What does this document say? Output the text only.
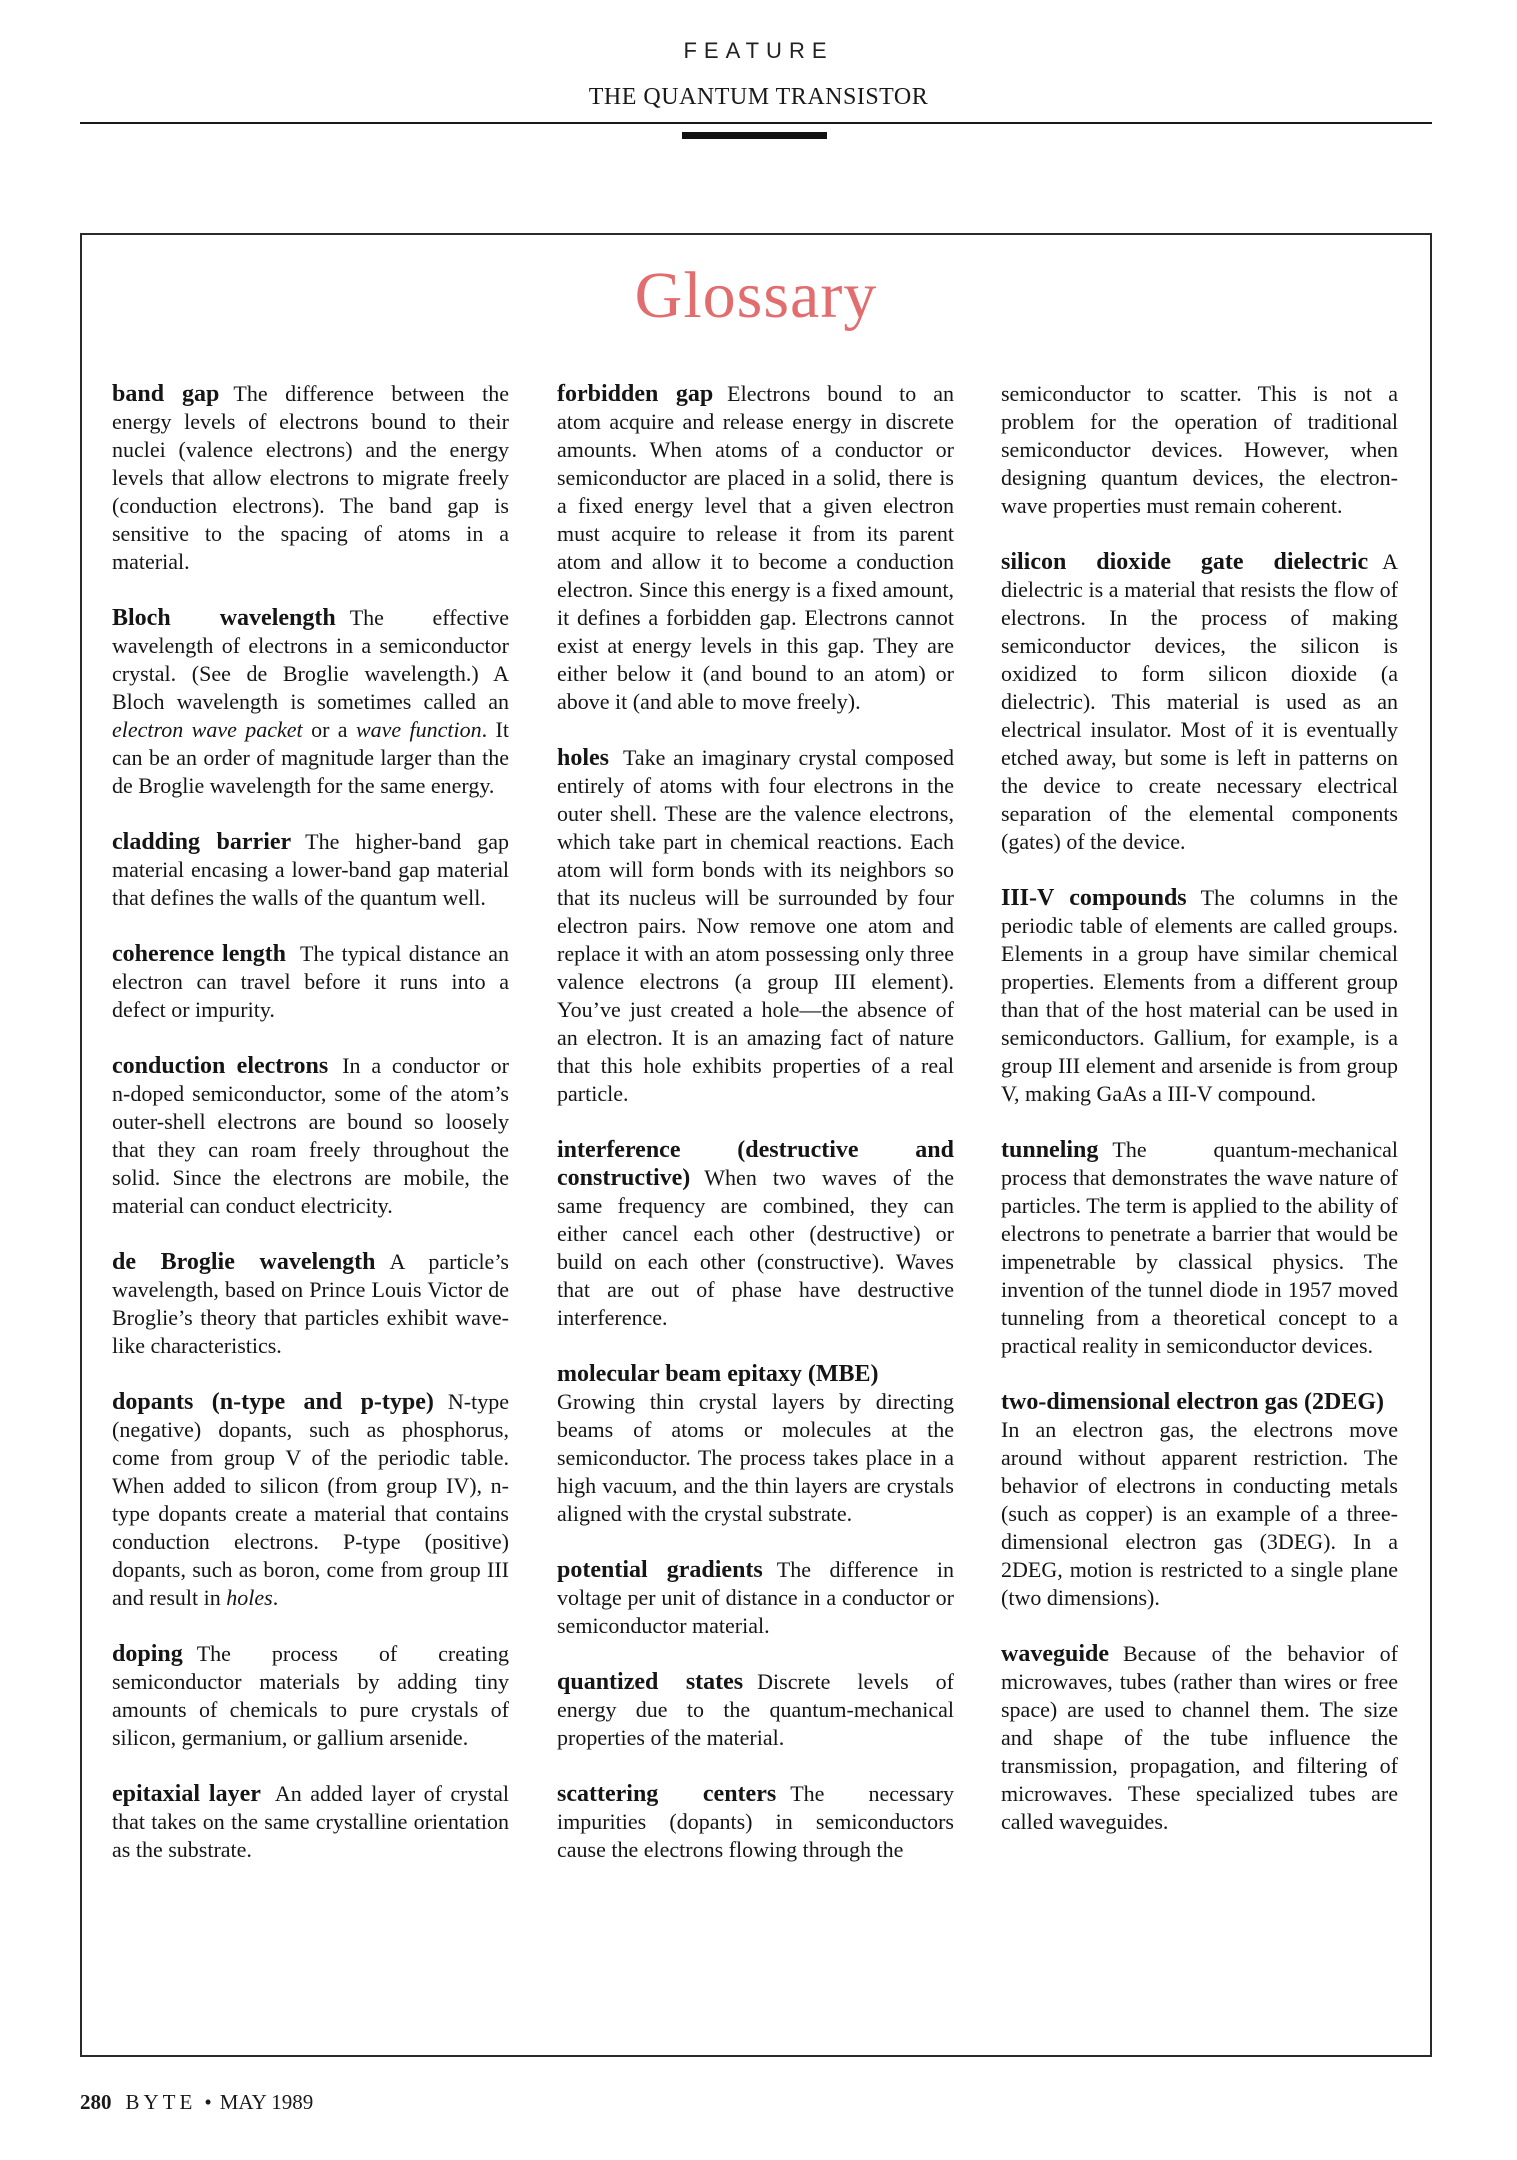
FEATURE
THE QUANTUM TRANSISTOR
Glossary

band gap The difference between the energy levels of electrons bound to their nuclei (valence electrons) and the energy levels that allow electrons to migrate freely (conduction electrons). The band gap is sensitive to the spacing of atoms in a material.

Bloch wavelength The effective wavelength of electrons in a semiconductor crystal. (See de Broglie wavelength.) A Bloch wavelength is sometimes called an electron wave packet or a wave function. It can be an order of magnitude larger than the de Broglie wavelength for the same energy.

cladding barrier The higher-band gap material encasing a lower-band gap material that defines the walls of the quantum well.

coherence length The typical distance an electron can travel before it runs into a defect or impurity.

conduction electrons In a conductor or n-doped semiconductor, some of the atom’s outer-shell electrons are bound so loosely that they can roam freely throughout the solid. Since the electrons are mobile, the material can conduct electricity.

de Broglie wavelength A particle’s wavelength, based on Prince Louis Victor de Broglie’s theory that particles exhibit wave-like characteristics.

dopants (n-type and p-type) N-type (negative) dopants, such as phosphorus, come from group V of the periodic table. When added to silicon (from group IV), n-type dopants create a material that contains conduction electrons. P-type (positive) dopants, such as boron, come from group III and result in holes.

doping The process of creating semiconductor materials by adding tiny amounts of chemicals to pure crystals of silicon, germanium, or gallium arsenide.

epitaxial layer An added layer of crystal that takes on the same crystalline orientation as the substrate.

forbidden gap Electrons bound to an atom acquire and release energy in discrete amounts. When atoms of a conductor or semiconductor are placed in a solid, there is a fixed energy level that a given electron must acquire to release it from its parent atom and allow it to become a conduction electron. Since this energy is a fixed amount, it defines a forbidden gap. Electrons cannot exist at energy levels in this gap. They are either below it (and bound to an atom) or above it (and able to move freely).

holes Take an imaginary crystal composed entirely of atoms with four electrons in the outer shell. These are the valence electrons, which take part in chemical reactions. Each atom will form bonds with its neighbors so that its nucleus will be surrounded by four electron pairs. Now remove one atom and replace it with an atom possessing only three valence electrons (a group III element). You’ve just created a hole—the absence of an electron. It is an amazing fact of nature that this hole exhibits properties of a real particle.

interference (destructive and constructive) When two waves of the same frequency are combined, they can either cancel each other (destructive) or build on each other (constructive). Waves that are out of phase have destructive interference.

molecular beam epitaxy (MBE)
Growing thin crystal layers by directing beams of atoms or molecules at the semiconductor. The process takes place in a high vacuum, and the thin layers are crystals aligned with the crystal substrate.

potential gradients The difference in voltage per unit of distance in a conductor or semiconductor material.

quantized states Discrete levels of energy due to the quantum-mechanical properties of the material.

scattering centers The necessary impurities (dopants) in semiconductors cause the electrons flowing through the

semiconductor to scatter. This is not a problem for the operation of traditional semiconductor devices. However, when designing quantum devices, the electron-wave properties must remain coherent.

silicon dioxide gate dielectric A dielectric is a material that resists the flow of electrons. In the process of making semiconductor devices, the silicon is oxidized to form silicon dioxide (a dielectric). This material is used as an electrical insulator. Most of it is eventually etched away, but some is left in patterns on the device to create necessary electrical separation of the elemental components (gates) of the device.

III-V compounds The columns in the periodic table of elements are called groups. Elements in a group have similar chemical properties. Elements from a different group than that of the host material can be used in semiconductors. Gallium, for example, is a group III element and arsenide is from group V, making GaAs a III-V compound.

tunneling The quantum-mechanical process that demonstrates the wave nature of particles. The term is applied to the ability of electrons to penetrate a barrier that would be impenetrable by classical physics. The invention of the tunnel diode in 1957 moved tunneling from a theoretical concept to a practical reality in semiconductor devices.

two-dimensional electron gas (2DEG)In an electron gas, the electrons move around without apparent restriction. The behavior of electrons in conducting metals (such as copper) is an example of a three-dimensional electron gas (3DEG). In a 2DEG, motion is restricted to a single plane (two dimensions).

waveguide Because of the behavior of microwaves, tubes (rather than wires or free space) are used to channel them. The size and shape of the tube influence the transmission, propagation, and filtering of microwaves. These specialized tubes are called waveguides.

280 BYTE • MAY 1989
